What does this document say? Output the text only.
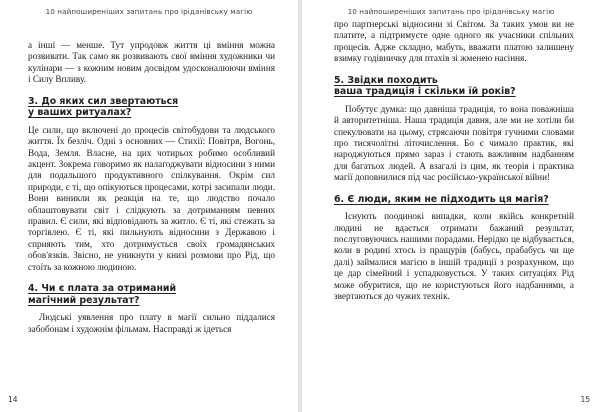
10 найпоширеніших запитань про іріданівську магію

а інші — менше. Тут упродовж життя ці вміння можна розвивати. Так само як розвивають свої вміння художники чи кулінари — з кожним новим досвідом удосконалюючи вміння і Силу Впливу.

3. До яких сил звертаються
у ваших ритуалах?

Це сили, що включені до процесів світобудови та людського життя. Їх безліч. Одні з основних — Стихії: Повітря, Вогонь, Вода, Земля. Власне, на цих чотирьох робимо особливий акцент. Зокрема говоримо як налагоджувати відносини з ними для подальшого продуктивного спілкування. Окрім сил природи, є ті, що опікуються процесами, котрі засипали люди. Вони виникли як реакція на те, що людство почало облаштовувати світ і слідкують за дотриманням певних правил. Є сили, які відповідають за житло. Є ті, які стежать за торгівлею. Є ті, які пильнують відносини з Державою і сприяють тим, хто дотримується своїх громадянських обов'язків. Звісно, не уникнути у книзі розмови про Рід, що стоїть за кожною людиною.

4. Чи є плата за отриманий
магічний результат?

Людські уявлення про плату в магії сильно піддалися забобонам і художнім фільмам. Насправді ж ідеться

14
10 найпоширеніших запитань про іріданівську магію

про партнерські відносини зі Світом. За таких умов ви не платите, а підтримуєте одне одного як учасники спільних процесів. Адже складно, мабуть, вважати платою залишену взимку годівничку для птахів зі жменею насіння.

5. Звідки походить
ваша традиція і скільки їй років?

Побутує думка: що давніша традиція, то вона поважніша й авторитетніша. Наша традиція давня, але ми не хотіли би спекулювати на цьому, стрясаючи повітря гучними словами про тисячолітні літочислення. Бо є чимало практик, які народжуються прямо зараз і стають важливим надбанням для багатьох людей. А взагалі із цим, як теорія і практика магії доповнилися під час російсько-української війни!

6. Є люди, яким не підходить ця магія?

Існують поодинокі випадки, коли якійсь конкретній людині не вдається отримати бажаний результат, послуговуючись нашими порадами. Нерідко це відбувається, коли в родині хтось із пращурів (бабусь, прабабусь чи ще далі) займалися магією в іншій традиції з розрахунком, що це дар сімейний і успадковується. У таких ситуаціях Рід може обуритися, що не користуються його надбаннями, а звертаються до чужих технік.

15
